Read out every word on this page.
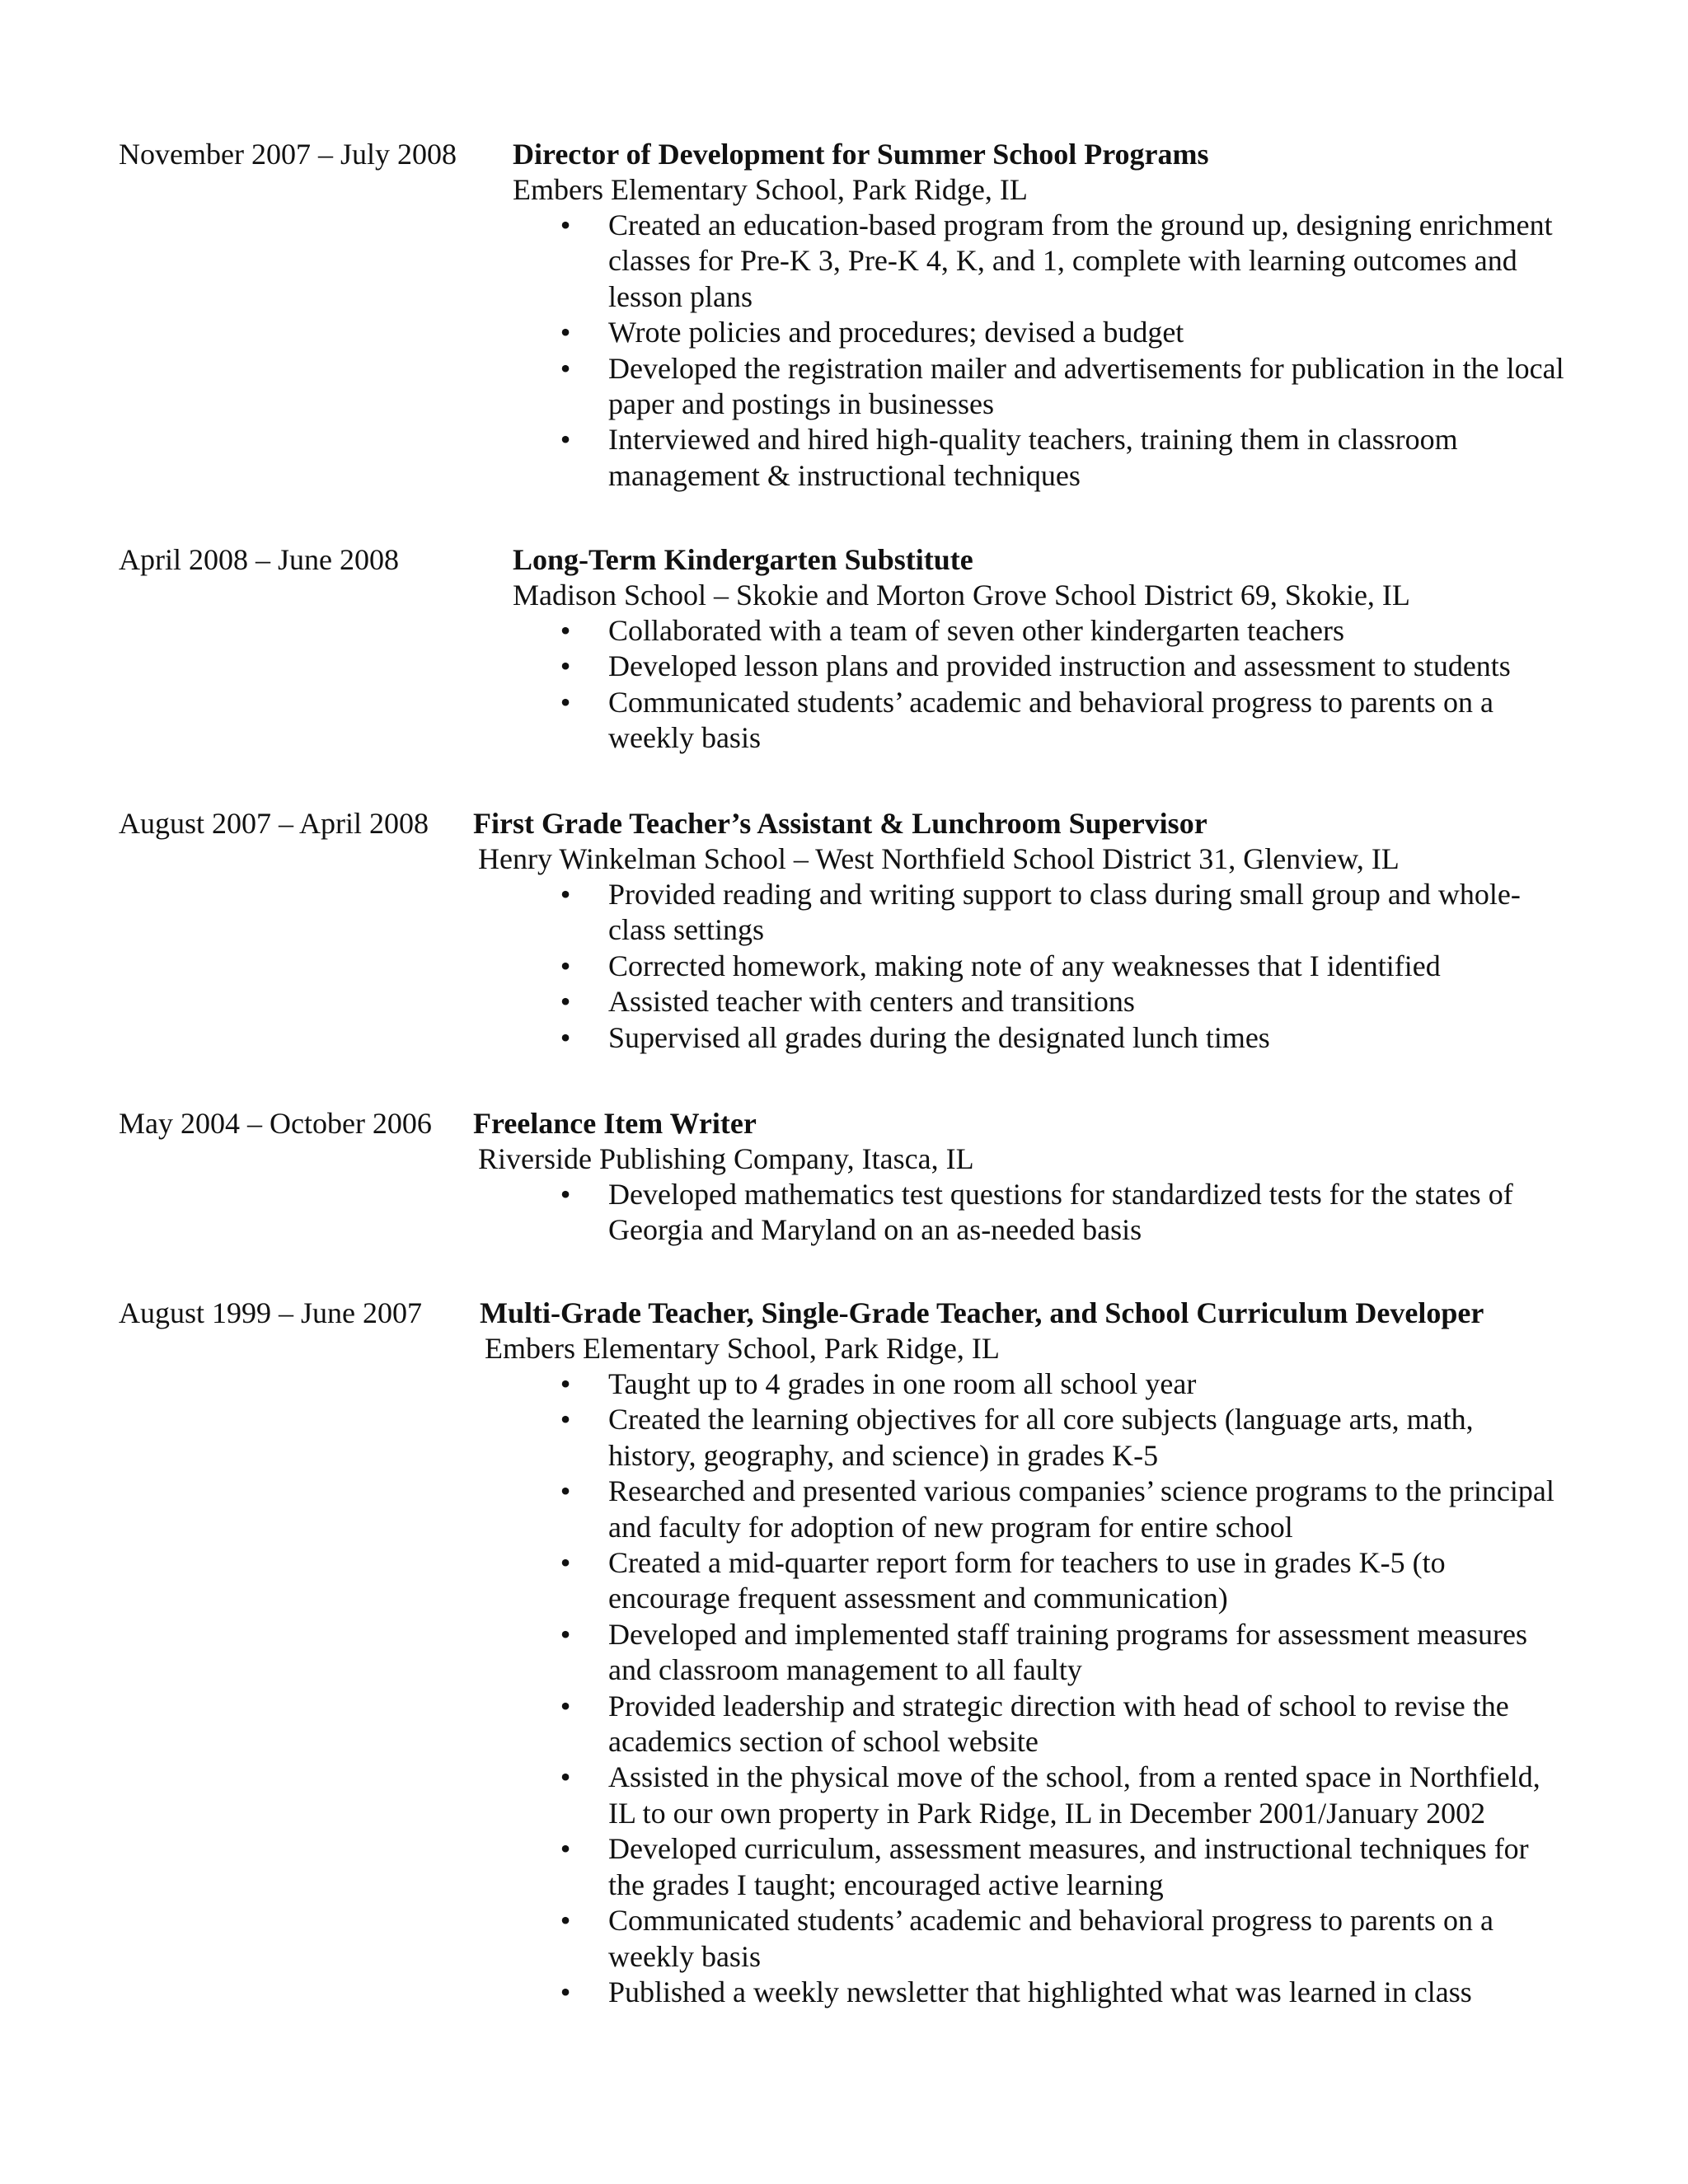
November 2007 – July 2008 Director of Development for Summer School Programs
Embers Elementary School, Park Ridge, IL
•	Created an education-based program from the ground up, designing enrichment classes for Pre-K 3, Pre-K 4, K, and 1, complete with learning outcomes and lesson plans
•	Wrote policies and procedures; devised a budget
•	Developed the registration mailer and advertisements for publication in the local paper and postings in businesses
•	Interviewed and hired high-quality teachers, training them in classroom management & instructional techniques
April 2008 – June 2008	Long-Term Kindergarten Substitute
Madison School – Skokie and Morton Grove School District 69, Skokie, IL
•	Collaborated with a team of seven other kindergarten teachers
•	Developed lesson plans and provided instruction and assessment to students
•	Communicated students’ academic and behavioral progress to parents on a weekly basis
August 2007 – April 2008 First Grade Teacher’s Assistant & Lunchroom Supervisor
Henry Winkelman School – West Northfield School District 31, Glenview, IL
•	Provided reading and writing support to class during small group and whole-class settings
•	Corrected homework, making note of any weaknesses that I identified
•	Assisted teacher with centers and transitions
•	Supervised all grades during the designated lunch times
May 2004 – October 2006 Freelance Item Writer
Riverside Publishing Company, Itasca, IL
•	Developed mathematics test questions for standardized tests for the states of Georgia and Maryland on an as-needed basis
August 1999 – June 2007 Multi-Grade Teacher, Single-Grade Teacher, and School Curriculum Developer
Embers Elementary School, Park Ridge, IL
•	Taught up to 4 grades in one room all school year
•	Created the learning objectives for all core subjects (language arts, math, history, geography, and science) in grades K-5
•	Researched and presented various companies’ science programs to the principal and faculty for adoption of new program for entire school
•	Created a mid-quarter report form for teachers to use in grades K-5 (to encourage frequent assessment and communication)
•	Developed and implemented staff training programs for assessment measures and classroom management to all faulty
•	Provided leadership and strategic direction with head of school to revise the academics section of school website
•	Assisted in the physical move of the school, from a rented space in Northfield, IL to our own property in Park Ridge, IL in December 2001/January 2002
•	Developed curriculum, assessment measures, and instructional techniques for the grades I taught; encouraged active learning
•	Communicated students’ academic and behavioral progress to parents on a weekly basis
•	Published a weekly newsletter that highlighted what was learned in class
